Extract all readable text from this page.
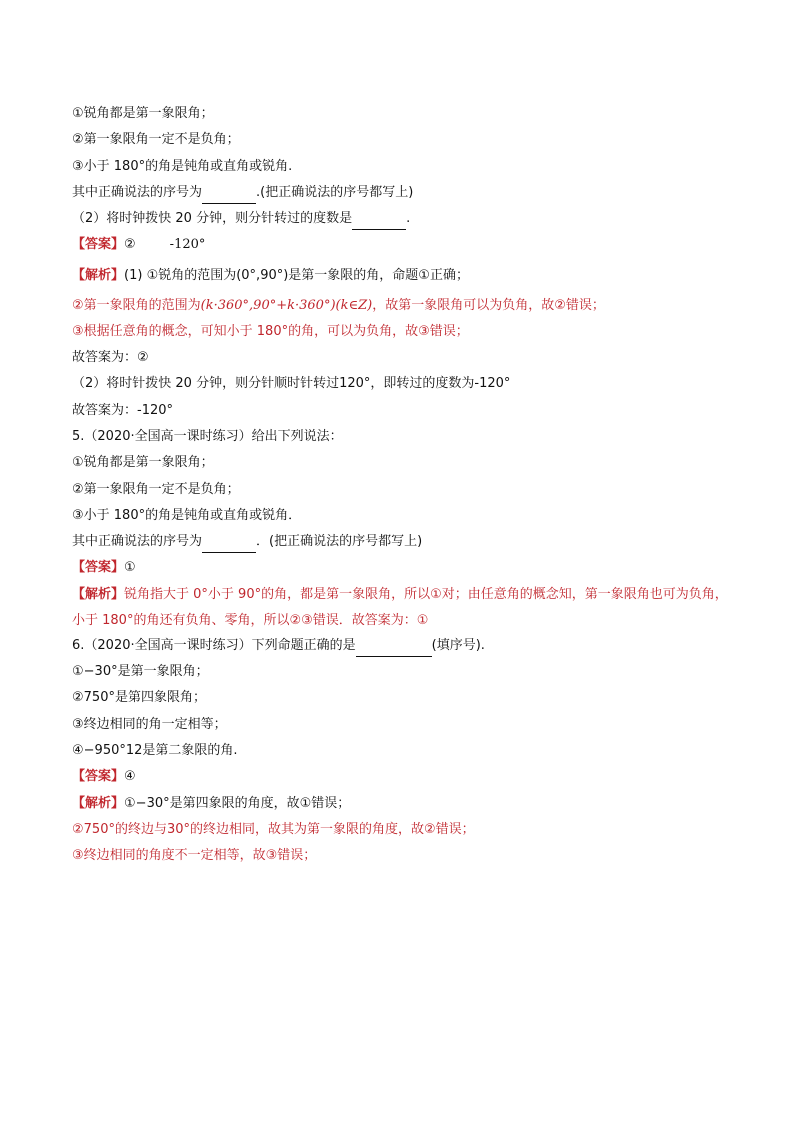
①锐角都是第一象限角；
②第一象限角一定不是负角；
③小于 180°的角是钝角或直角或锐角.
其中正确说法的序号为	.(把正确说法的序号都写上)
（2）将时钟拨快 20 分钟，则分针转过的度数是	.
【答案】②	-120°
【解析】(1) ①锐角的范围为(0°,90°)是第一象限的角，命题①正确；
②第一象限角的范围为(k·360°,90°+k·360°)(k∈Z)，故第一象限角可以为负角，故②错误；
③根据任意角的概念，可知小于 180°的角，可以为负角，故③错误；
故答案为：②
（2）将时针拨快 20 分钟，则分针顺时针转过120°，即转过的度数为-120°
故答案为：-120°
5.（2020·全国高一课时练习）给出下列说法：
①锐角都是第一象限角；
②第一象限角一定不是负角；
③小于 180°的角是钝角或直角或锐角．
其中正确说法的序号为	．(把正确说法的序号都写上)
【答案】①
【解析】锐角指大于 0°小于 90°的角，都是第一象限角，所以①对；由任意角的概念知，第一象限角也可为负角，小于 180°的角还有负角、零角，所以②③错误．故答案为：①
6.（2020·全国高一课时练习）下列命题正确的是	(填序号).
①−30°是第一象限角；
②750°是第四象限角；
③终边相同的角一定相等；
④−950°12是第二象限的角.
【答案】④
【解析】①−30°是第四象限的角度，故①错误；
②750°的终边与30°的终边相同，故其为第一象限的角度，故②错误；
③终边相同的角度不一定相等，故③错误；
